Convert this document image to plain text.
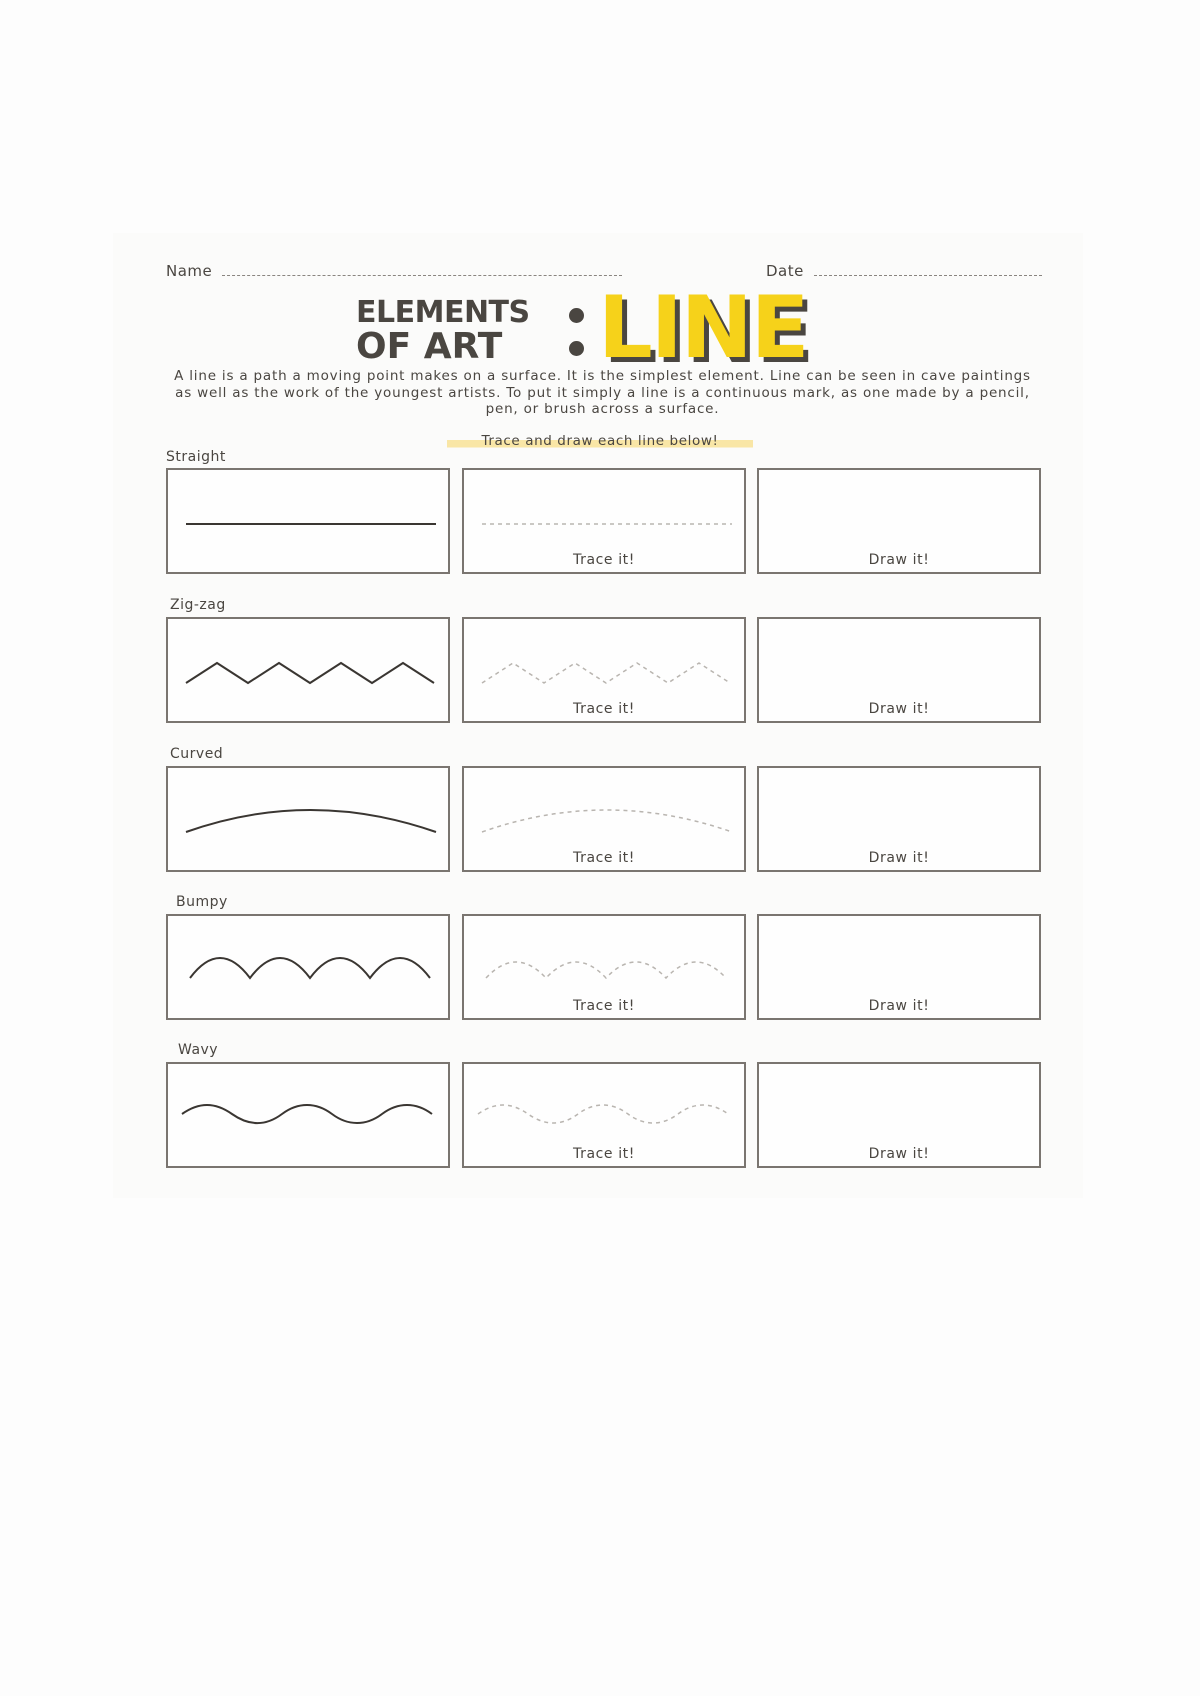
Name	Date
ELEMENTS
OF ART	LINE
A line is a path a moving point makes on a surface. It is the simplest element. Line can be seen in cave paintings as well as the work of the youngest artists. To put it simply a line is a continuous mark, as one made by a pencil, pen, or brush across a surface.
Trace and draw each line below!
Straight
Trace it!	Draw it!
Zig-zag
Trace it!	Draw it!
Curved
Trace it!	Draw it!
Bumpy
Trace it!	Draw it!
Wavy
Trace it!	Draw it!
